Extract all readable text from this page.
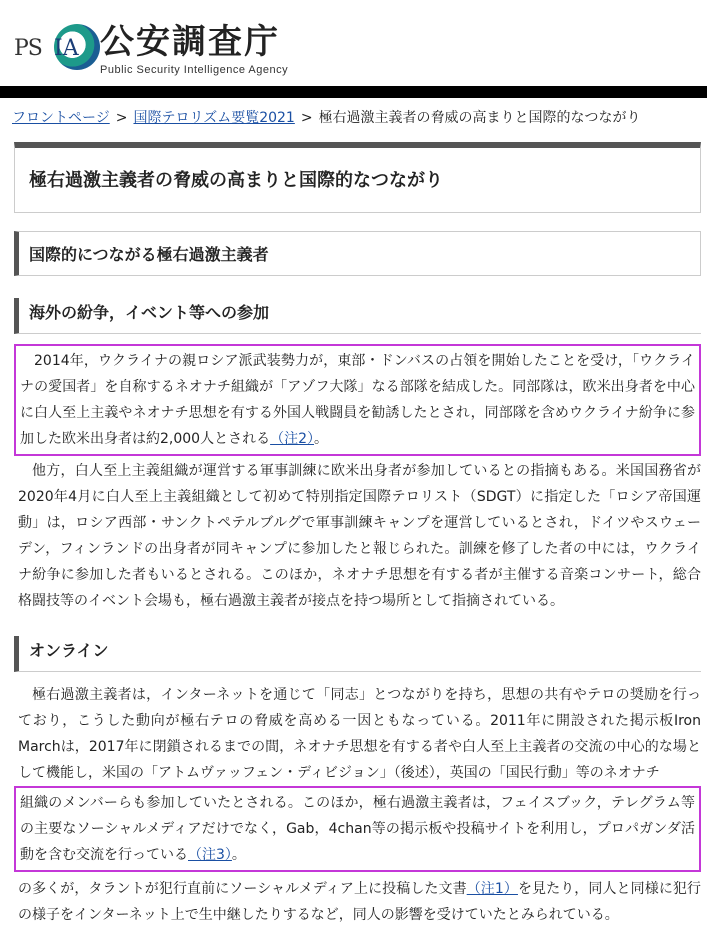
PS IA 公安調査庁
Public Security Intelligence Agency
フロントページ > 国際テロリズム要覧2021 > 極右過激主義者の脅威の高まりと国際的なつながり
極右過激主義者の脅威の高まりと国際的なつながり
国際的につながる極右過激主義者
海外の紛争，イベント等への参加

2014年，ウクライナの親ロシア派武装勢力が，東部・ドンバスの占領を開始したことを受け，「ウクライナの愛国者」を自称するネオナチ組織が「アゾフ大隊」なる部隊を結成した。同部隊は，欧米出身者を中心に白人至上主義やネオナチ思想を有する外国人戦闘員を勧誘したとされ，同部隊を含めウクライナ紛争に参加した欧米出身者は約2,000人とされる（注2）。

他方，白人至上主義組織が運営する軍事訓練に欧米出身者が参加しているとの指摘もある。米国国務省が2020年4月に白人至上主義組織として初めて特別指定国際テロリスト（SDGT）に指定した「ロシア帝国運動」は，ロシア西部・サンクトペテルブルグで軍事訓練キャンプを運営しているとされ，ドイツやスウェーデン，フィンランドの出身者が同キャンプに参加したと報じられた。訓練を修了した者の中には，ウクライナ紛争に参加した者もいるとされる。このほか，ネオナチ思想を有する者が主催する音楽コンサート，総合格闘技等のイベント会場も，極右過激主義者が接点を持つ場所として指摘されている。

オンライン

極右過激主義者は，インターネットを通じて「同志」とつながりを持ち，思想の共有やテロの奨励を行っており，こうした動向が極右テロの脅威を高める一因ともなっている。2011年に開設された掲示板Iron Marchは，2017年に閉鎖されるまでの間，ネオナチ思想を有する者や白人至上主義者の交流の中心的な場として機能し，米国の「アトムヴァッフェン・ディビジョン」（後述），英国の「国民行動」等のネオナチ

組織のメンバーらも参加していたとされる。このほか，極右過激主義者は，フェイスブック，テレグラム等の主要なソーシャルメディアだけでなく，Gab，4chan等の掲示板や投稿サイトを利用し，プロパガンダ活動を含む交流を行っている（注3）。

の多くが，タラントが犯行直前にソーシャルメディア上に投稿した文書（注1）を見たり，同人と同様に犯行の様子をインターネット上で生中継したりするなど，同人の影響を受けていたとみられている。
